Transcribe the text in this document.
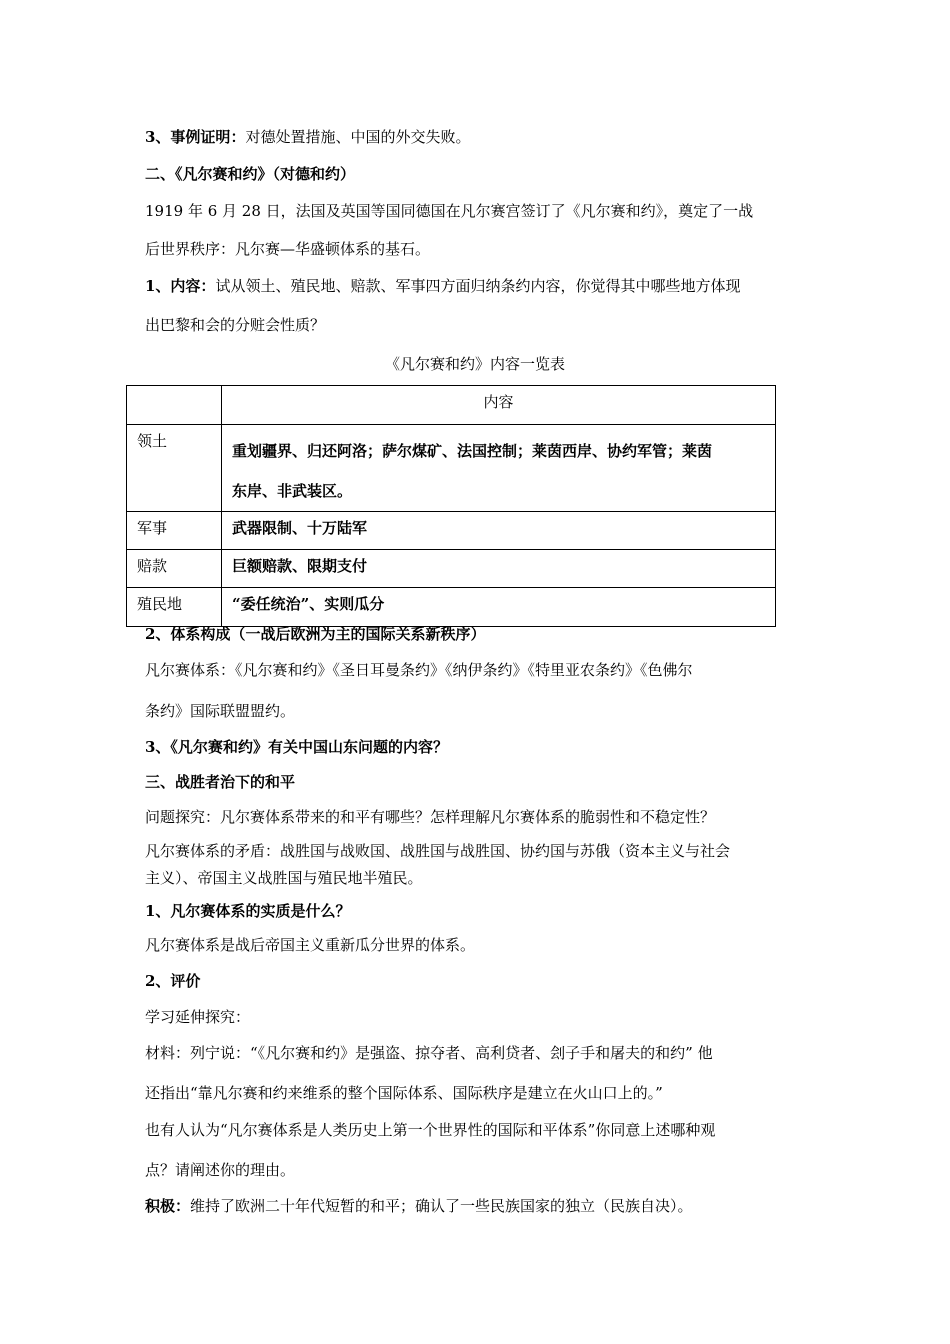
3、事例证明：对德处置措施、中国的外交失败。
二、《凡尔赛和约》（对德和约）
1919 年 6 月 28 日，法国及英国等国同德国在凡尔赛宫签订了《凡尔赛和约》，奠定了一战
后世界秩序：凡尔赛—华盛顿体系的基石。
1、内容：试从领土、殖民地、赔款、军事四方面归纳条约内容，你觉得其中哪些地方体现
出巴黎和会的分赃会性质？
《凡尔赛和约》内容一览表
	内容
领土	重划疆界、归还阿洛；萨尔煤矿、法国控制；莱茵西岸、协约军管；莱茵
东岸、非武装区。
军事	武器限制、十万陆军
赔款	巨额赔款、限期支付
殖民地	“委任统治”、实则瓜分
2、体系构成（一战后欧洲为主的国际关系新秩序）
凡尔赛体系：《凡尔赛和约》《圣日耳曼条约》《纳伊条约》《特里亚农条约》《色佛尔
条约》国际联盟盟约。
3、《凡尔赛和约》有关中国山东问题的内容？
三、战胜者治下的和平
问题探究：凡尔赛体系带来的和平有哪些？怎样理解凡尔赛体系的脆弱性和不稳定性？
凡尔赛体系的矛盾：战胜国与战败国、战胜国与战胜国、协约国与苏俄（资本主义与社会
主义）、帝国主义战胜国与殖民地半殖民。
1、凡尔赛体系的实质是什么？
凡尔赛体系是战后帝国主义重新瓜分世界的体系。
2、评价
学习延伸探究：
材料：列宁说：“《凡尔赛和约》是强盗、掠夺者、高利贷者、刽子手和屠夫的和约” 他
还指出“靠凡尔赛和约来维系的整个国际体系、国际秩序是建立在火山口上的。”
也有人认为“凡尔赛体系是人类历史上第一个世界性的国际和平体系”你同意上述哪种观
点？请阐述你的理由。
积极：维持了欧洲二十年代短暂的和平；确认了一些民族国家的独立（民族自决）。
